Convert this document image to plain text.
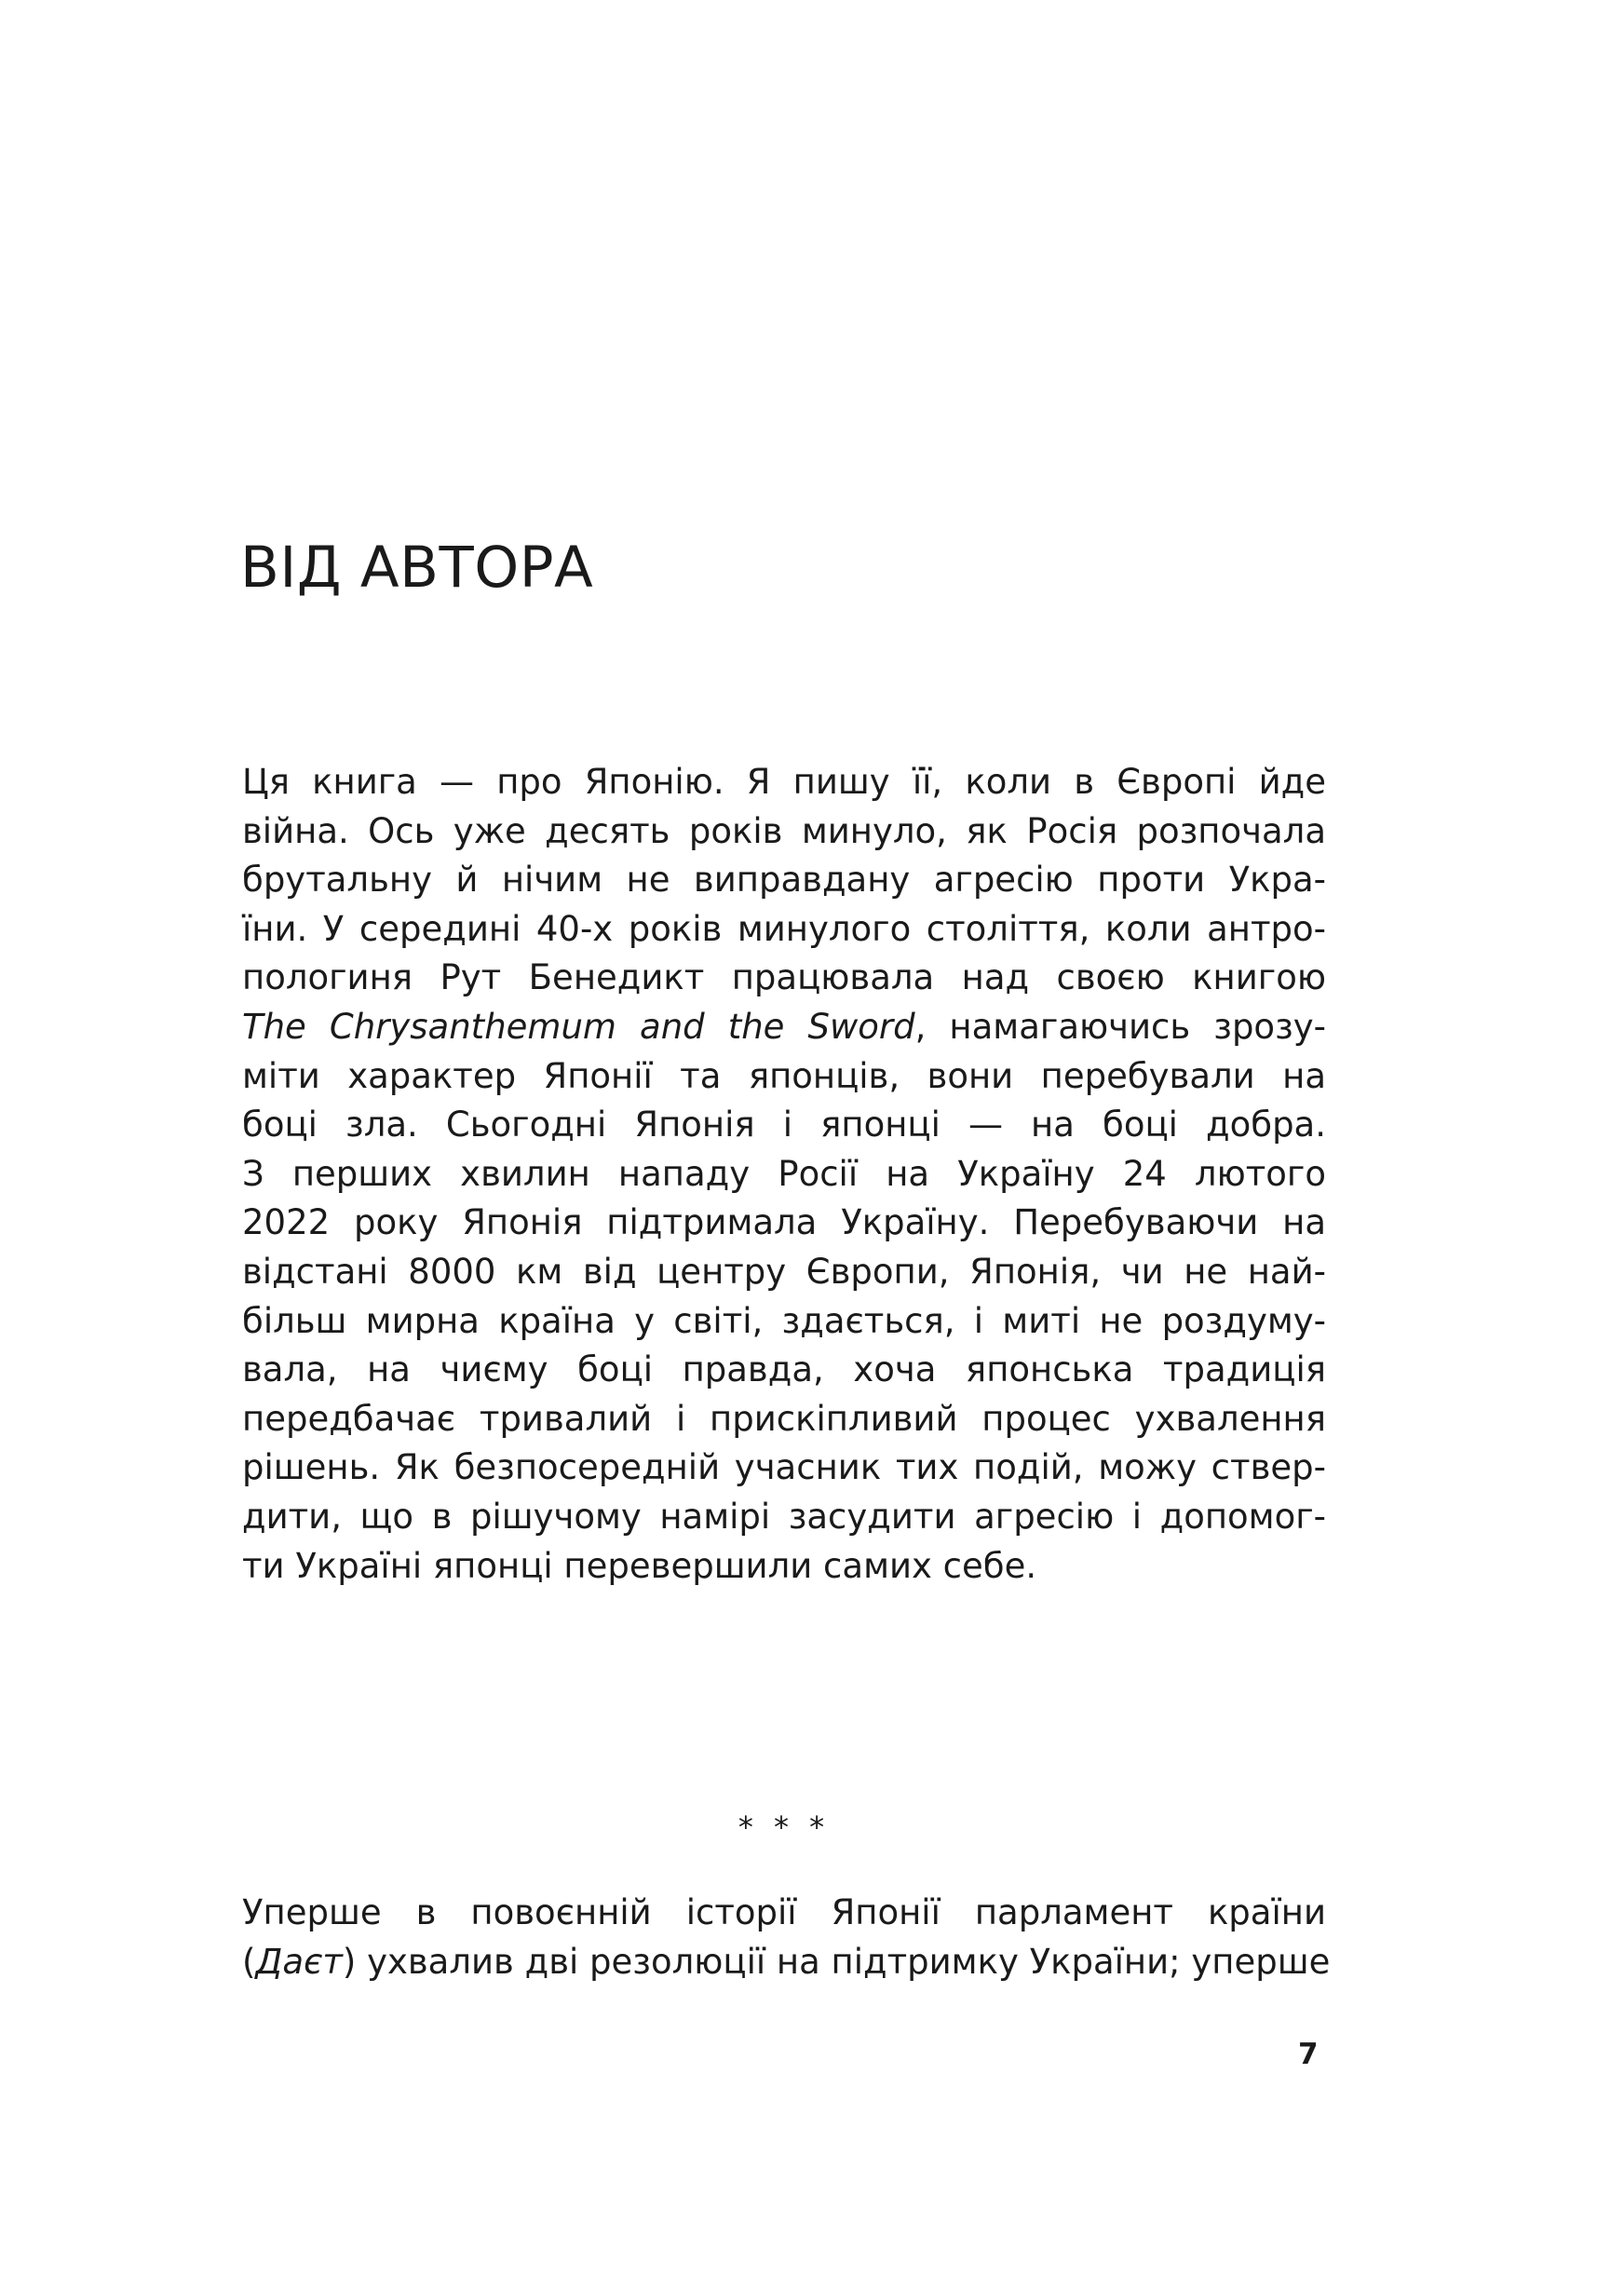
ВІД АВТОРА
Ця книга — про Японію. Я пишу її, коли в Європі йде
війна. Ось уже десять років минуло, як Росія розпочала
брутальну й нічим не виправдану агресію проти Укра-
їни. У середині 40-х років минулого століття, коли антро-
пологиня Рут Бенедикт працювала над своєю книгою
The Chrysanthemum and the Sword, намагаючись зрозу-
міти характер Японії та японців, вони перебували на
боці зла. Сьогодні Японія і японці — на боці добра.
З перших хвилин нападу Росії на Україну 24 лютого
2022 року Японія підтримала Україну. Перебуваючи на
відстані 8000 км від центру Європи, Японія, чи не най-
більш мирна країна у світі, здається, і миті не роздуму-
вала, на чиєму боці правда, хоча японська традиція
передбачає тривалий і прискіпливий процес ухвалення
рішень. Як безпосередній учасник тих подій, можу ствер-
дити, що в рішучому намірі засудити агресію і допомог-
ти Україні японці перевершили самих себе.
* * *
Уперше в повоєнній історії Японії парламент країни
(Даєт) ухвалив дві резолюції на підтримку України; уперше
7
